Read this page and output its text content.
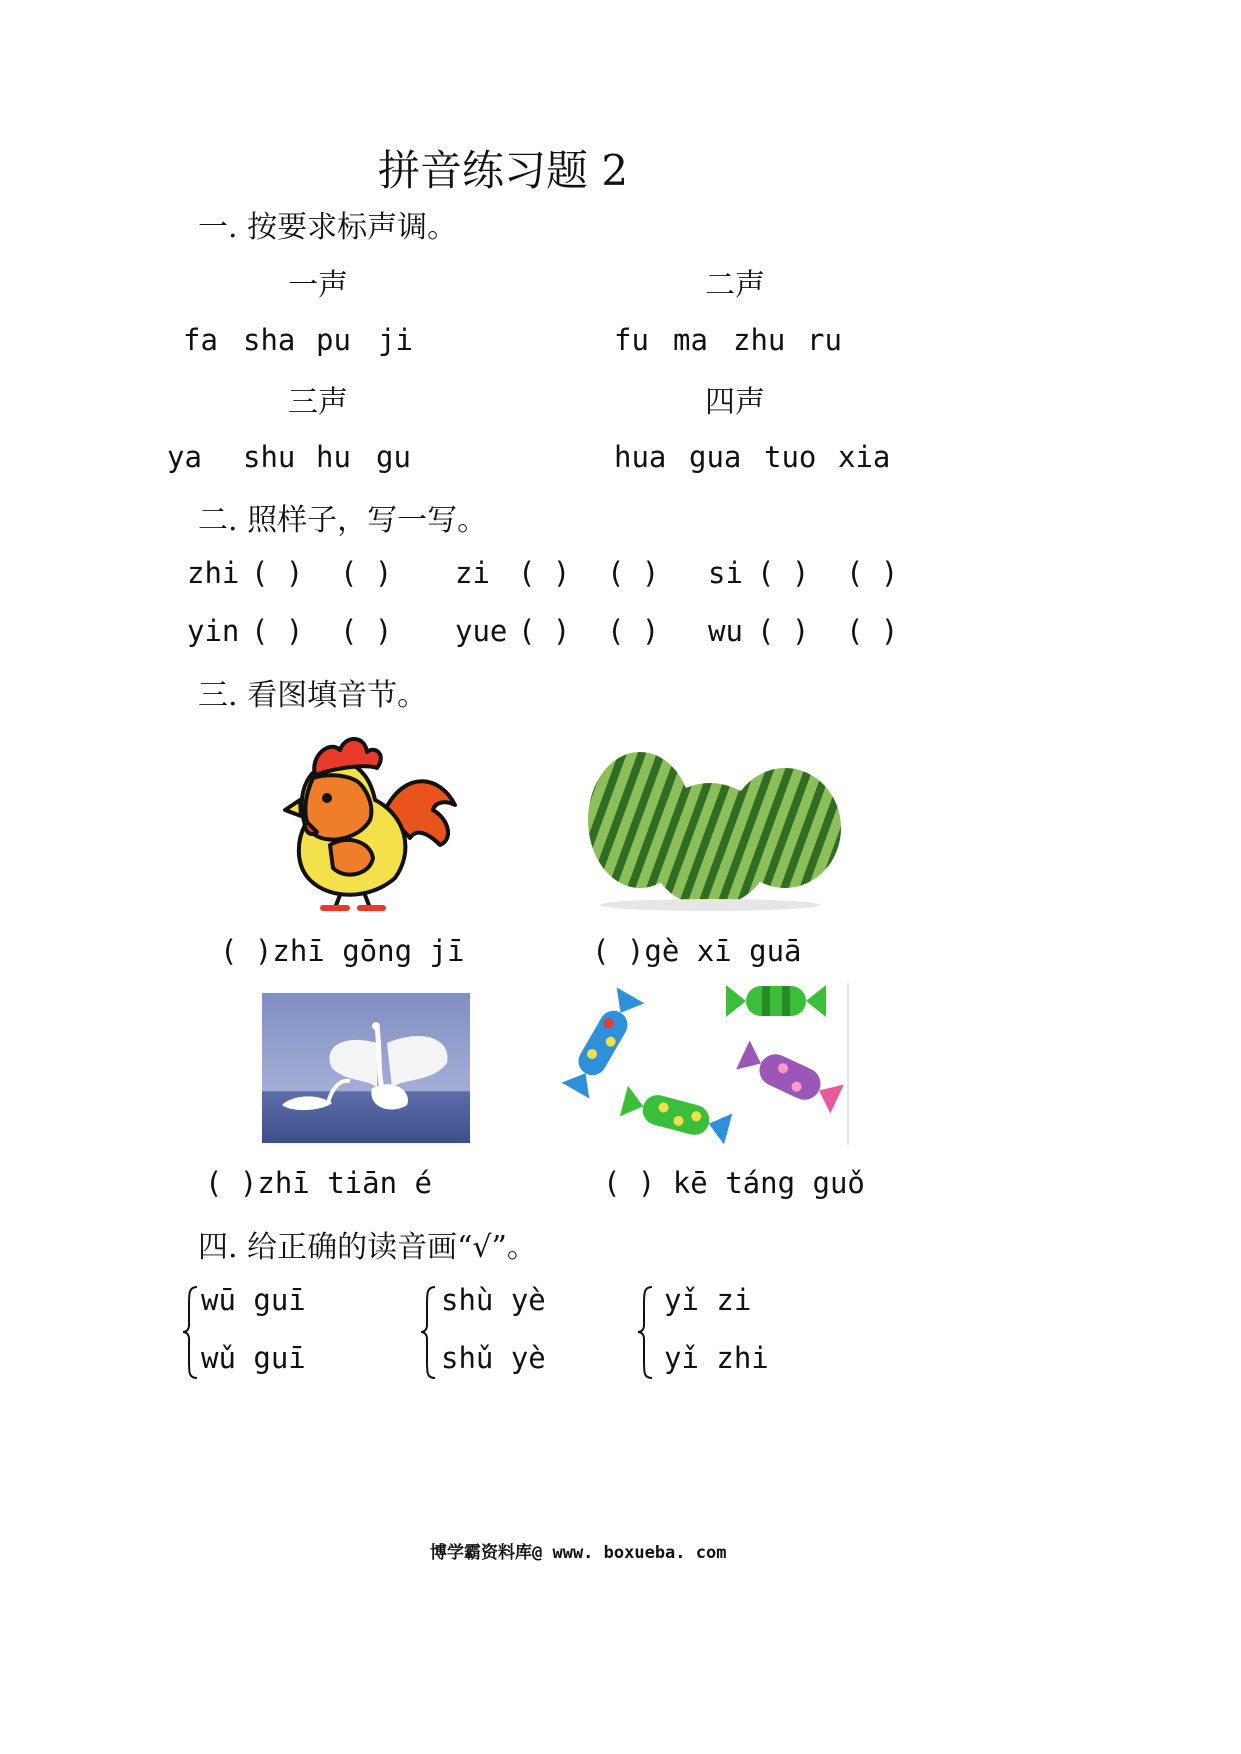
拼音练习题 2
一. 按要求标声调。
一声	二声
fa sha pu ji	fu ma zhu ru
三声	四声
ya shu hu gu	hua gua tuo xia
二. 照样子，写一写。
zhi ( ) ( ) zi ( ) ( ) si ( ) ( )
yin ( ) ( ) yue ( ) ( ) wu ( ) ( )
三. 看图填音节。
( )zhī gōng jī	( )gè xī guā
( )zhī tiān é	( ) kē táng guǒ
四. 给正确的读音画“√”。
wū guī
wǔ guī
shù yè
shǔ yè
yǐ zi
yǐ zhi
博学霸资料库@ www. boxueba. com
